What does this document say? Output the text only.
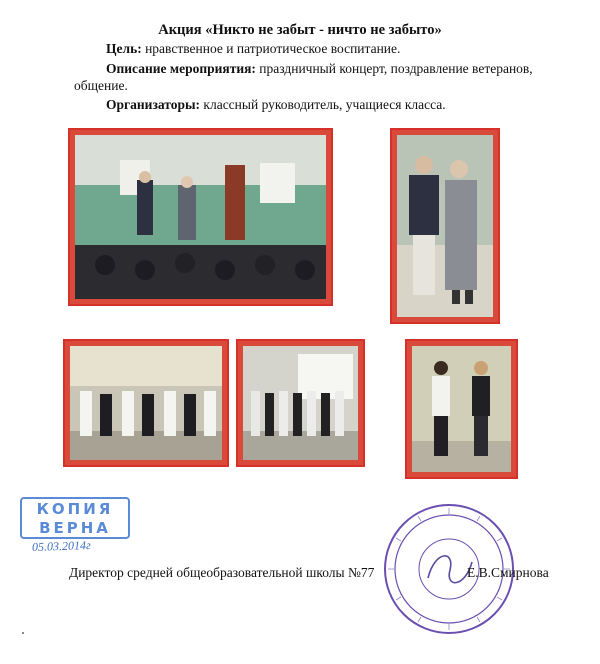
Акция «Никто не забыт - ничто не забыто»
Цель: нравственное и патриотическое воспитание.
Описание мероприятия: праздничный концерт, поздравление ветеранов, общение.
Организаторы: классный руководитель, учащиеся класса.
КОПИЯ
ВЕРНА
05.03.2014г
Директор средней общеобразовательной школы №77	Е.В.Смирнова
